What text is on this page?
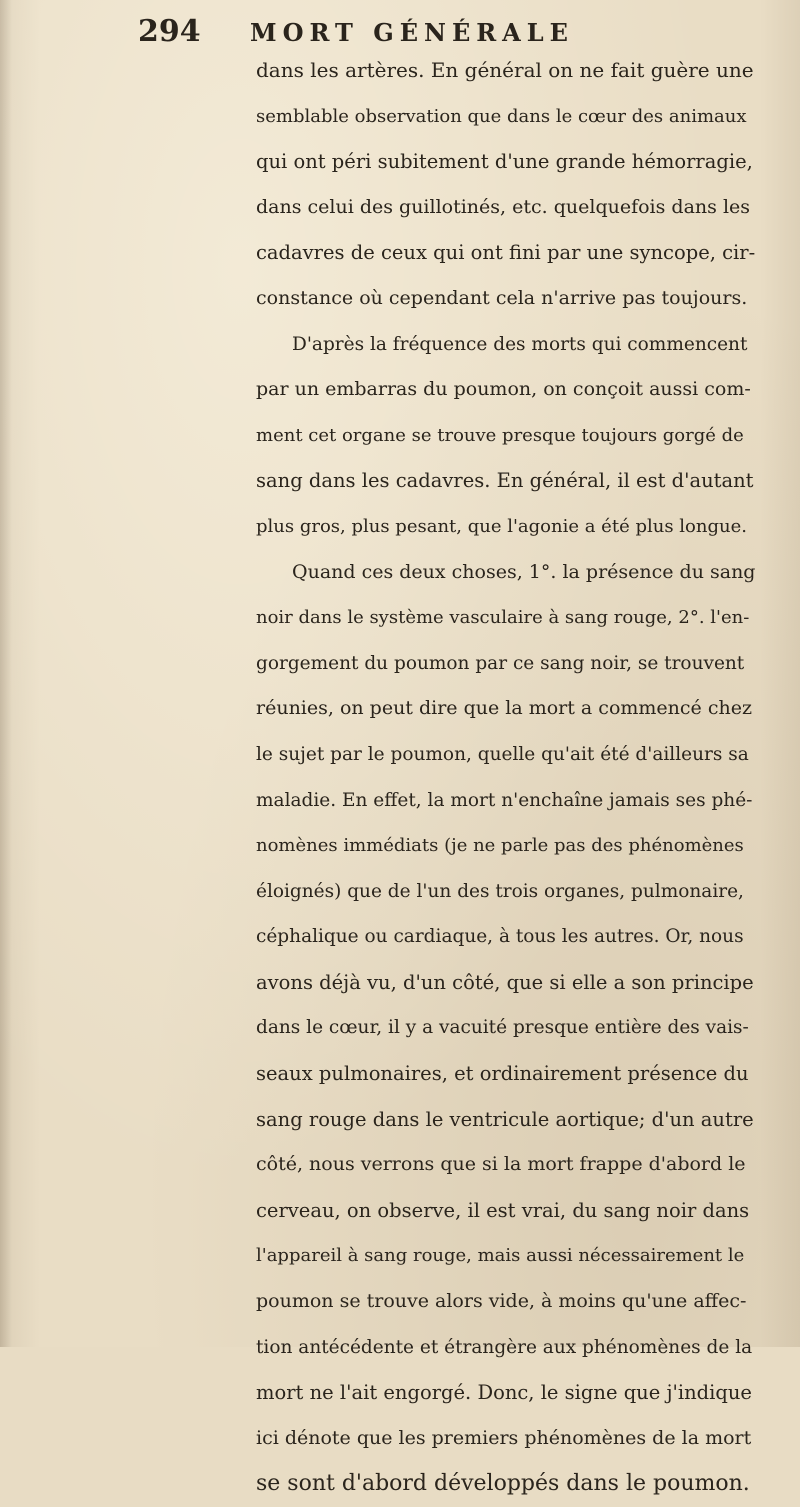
294 MORT GÉNÉRALE
dans les artères. En général on ne fait guère une
semblable observation que dans le cœur des animaux
qui ont péri subitement d'une grande hémorragie,
dans celui des guillotinés, etc. quelquefois dans les
cadavres de ceux qui ont fini par une syncope, cir-
constance où cependant cela n'arrive pas toujours.
D'après la fréquence des morts qui commencent
par un embarras du poumon, on conçoit aussi com-
ment cet organe se trouve presque toujours gorgé de
sang dans les cadavres. En général, il est d'autant
plus gros, plus pesant, que l'agonie a été plus longue.
Quand ces deux choses, 1°. la présence du sang
noir dans le système vasculaire à sang rouge, 2°. l'en-
gorgement du poumon par ce sang noir, se trouvent
réunies, on peut dire que la mort a commencé chez
le sujet par le poumon, quelle qu'ait été d'ailleurs sa
maladie. En effet, la mort n'enchaîne jamais ses phé-
nomènes immédiats (je ne parle pas des phénomènes
éloignés) que de l'un des trois organes, pulmonaire,
céphalique ou cardiaque, à tous les autres. Or, nous
avons déjà vu, d'un côté, que si elle a son principe
dans le cœur, il y a vacuité presque entière des vais-
seaux pulmonaires, et ordinairement présence du
sang rouge dans le ventricule aortique; d'un autre
côté, nous verrons que si la mort frappe d'abord le
cerveau, on observe, il est vrai, du sang noir dans
l'appareil à sang rouge, mais aussi nécessairement le
poumon se trouve alors vide, à moins qu'une affec-
tion antécédente et étrangère aux phénomènes de la
mort ne l'ait engorgé. Donc, le signe que j'indique
ici dénote que les premiers phénomènes de la mort
se sont d'abord développés dans le poumon.
